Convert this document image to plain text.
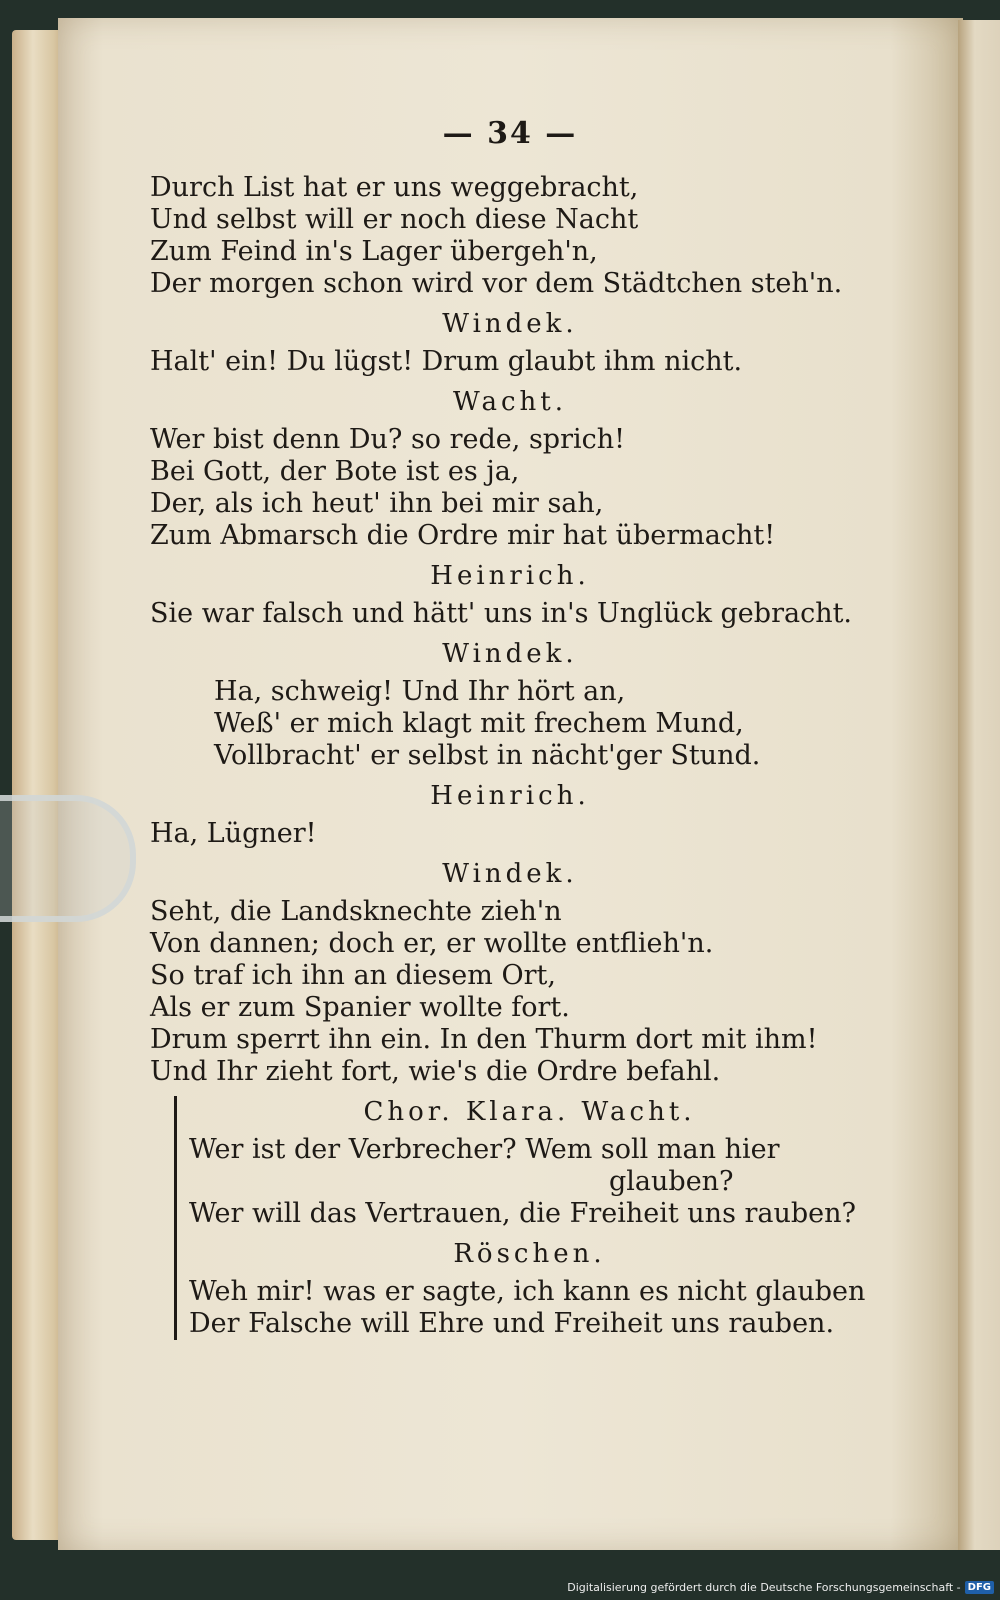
— 34 —
Durch List hat er uns weggebracht,
Und selbst will er noch diese Nacht
Zum Feind in's Lager übergeh'n,
Der morgen schon wird vor dem Städtchen steh'n.
Windek.
Halt' ein! Du lügst! Drum glaubt ihm nicht.
Wacht.
Wer bist denn Du? so rede, sprich!
Bei Gott, der Bote ist es ja,
Der, als ich heut' ihn bei mir sah,
Zum Abmarsch die Ordre mir hat übermacht!
Heinrich.
Sie war falsch und hätt' uns in's Unglück gebracht.
Windek.
Ha, schweig! Und Ihr hört an,
Weß' er mich klagt mit frechem Mund,
Vollbracht' er selbst in nächt'ger Stund.
Heinrich.
Ha, Lügner!
Windek.
Seht, die Landsknechte zieh'n
Von dannen; doch er, er wollte entflieh'n.
So traf ich ihn an diesem Ort,
Als er zum Spanier wollte fort.
Drum sperrt ihn ein. In den Thurm dort mit ihm!
Und Ihr zieht fort, wie's die Ordre befahl.
Chor. Klara. Wacht.
Wer ist der Verbrecher? Wem soll man hier
glauben?
Wer will das Vertrauen, die Freiheit uns rauben?
Röschen.
Weh mir! was er sagte, ich kann es nicht glauben
Der Falsche will Ehre und Freiheit uns rauben.
Digitalisierung gefördert durch die Deutsche Forschungsgemeinschaft - DFG
